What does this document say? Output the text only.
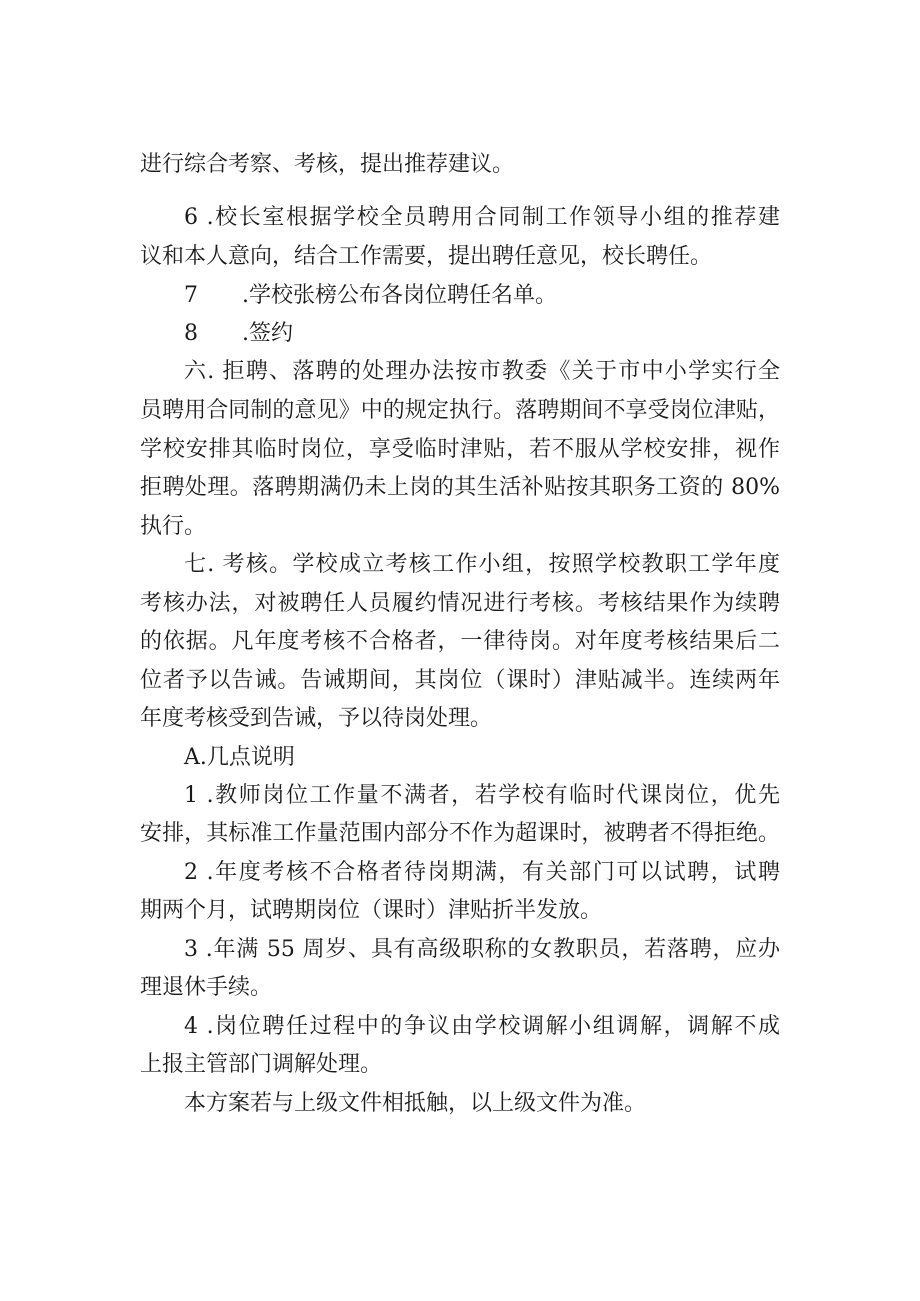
进行综合考察、考核，提出推荐建议。
6 .校长室根据学校全员聘用合同制工作领导小组的推荐建
议和本人意向，结合工作需要，提出聘任意见，校长聘任。
7　　.学校张榜公布各岗位聘任名单。
8　　.签约
六. 拒聘、落聘的处理办法按市教委《关于市中小学实行全
员聘用合同制的意见》中的规定执行。落聘期间不享受岗位津贴，
学校安排其临时岗位，享受临时津贴，若不服从学校安排，视作
拒聘处理。落聘期满仍未上岗的其生活补贴按其职务工资的 80%
执行。
七. 考核。学校成立考核工作小组，按照学校教职工学年度
考核办法，对被聘任人员履约情况进行考核。考核结果作为续聘
的依据。凡年度考核不合格者，一律待岗。对年度考核结果后二
位者予以告诫。告诫期间，其岗位（课时）津贴减半。连续两年
年度考核受到告诫，予以待岗处理。
A.几点说明
1 .教师岗位工作量不满者，若学校有临时代课岗位，优先
安排，其标准工作量范围内部分不作为超课时，被聘者不得拒绝。
2 .年度考核不合格者待岗期满，有关部门可以试聘，试聘
期两个月，试聘期岗位（课时）津贴折半发放。
3 .年满 55 周岁、具有高级职称的女教职员，若落聘，应办
理退休手续。
4 .岗位聘任过程中的争议由学校调解小组调解，调解不成
上报主管部门调解处理。
本方案若与上级文件相抵触，以上级文件为准。
